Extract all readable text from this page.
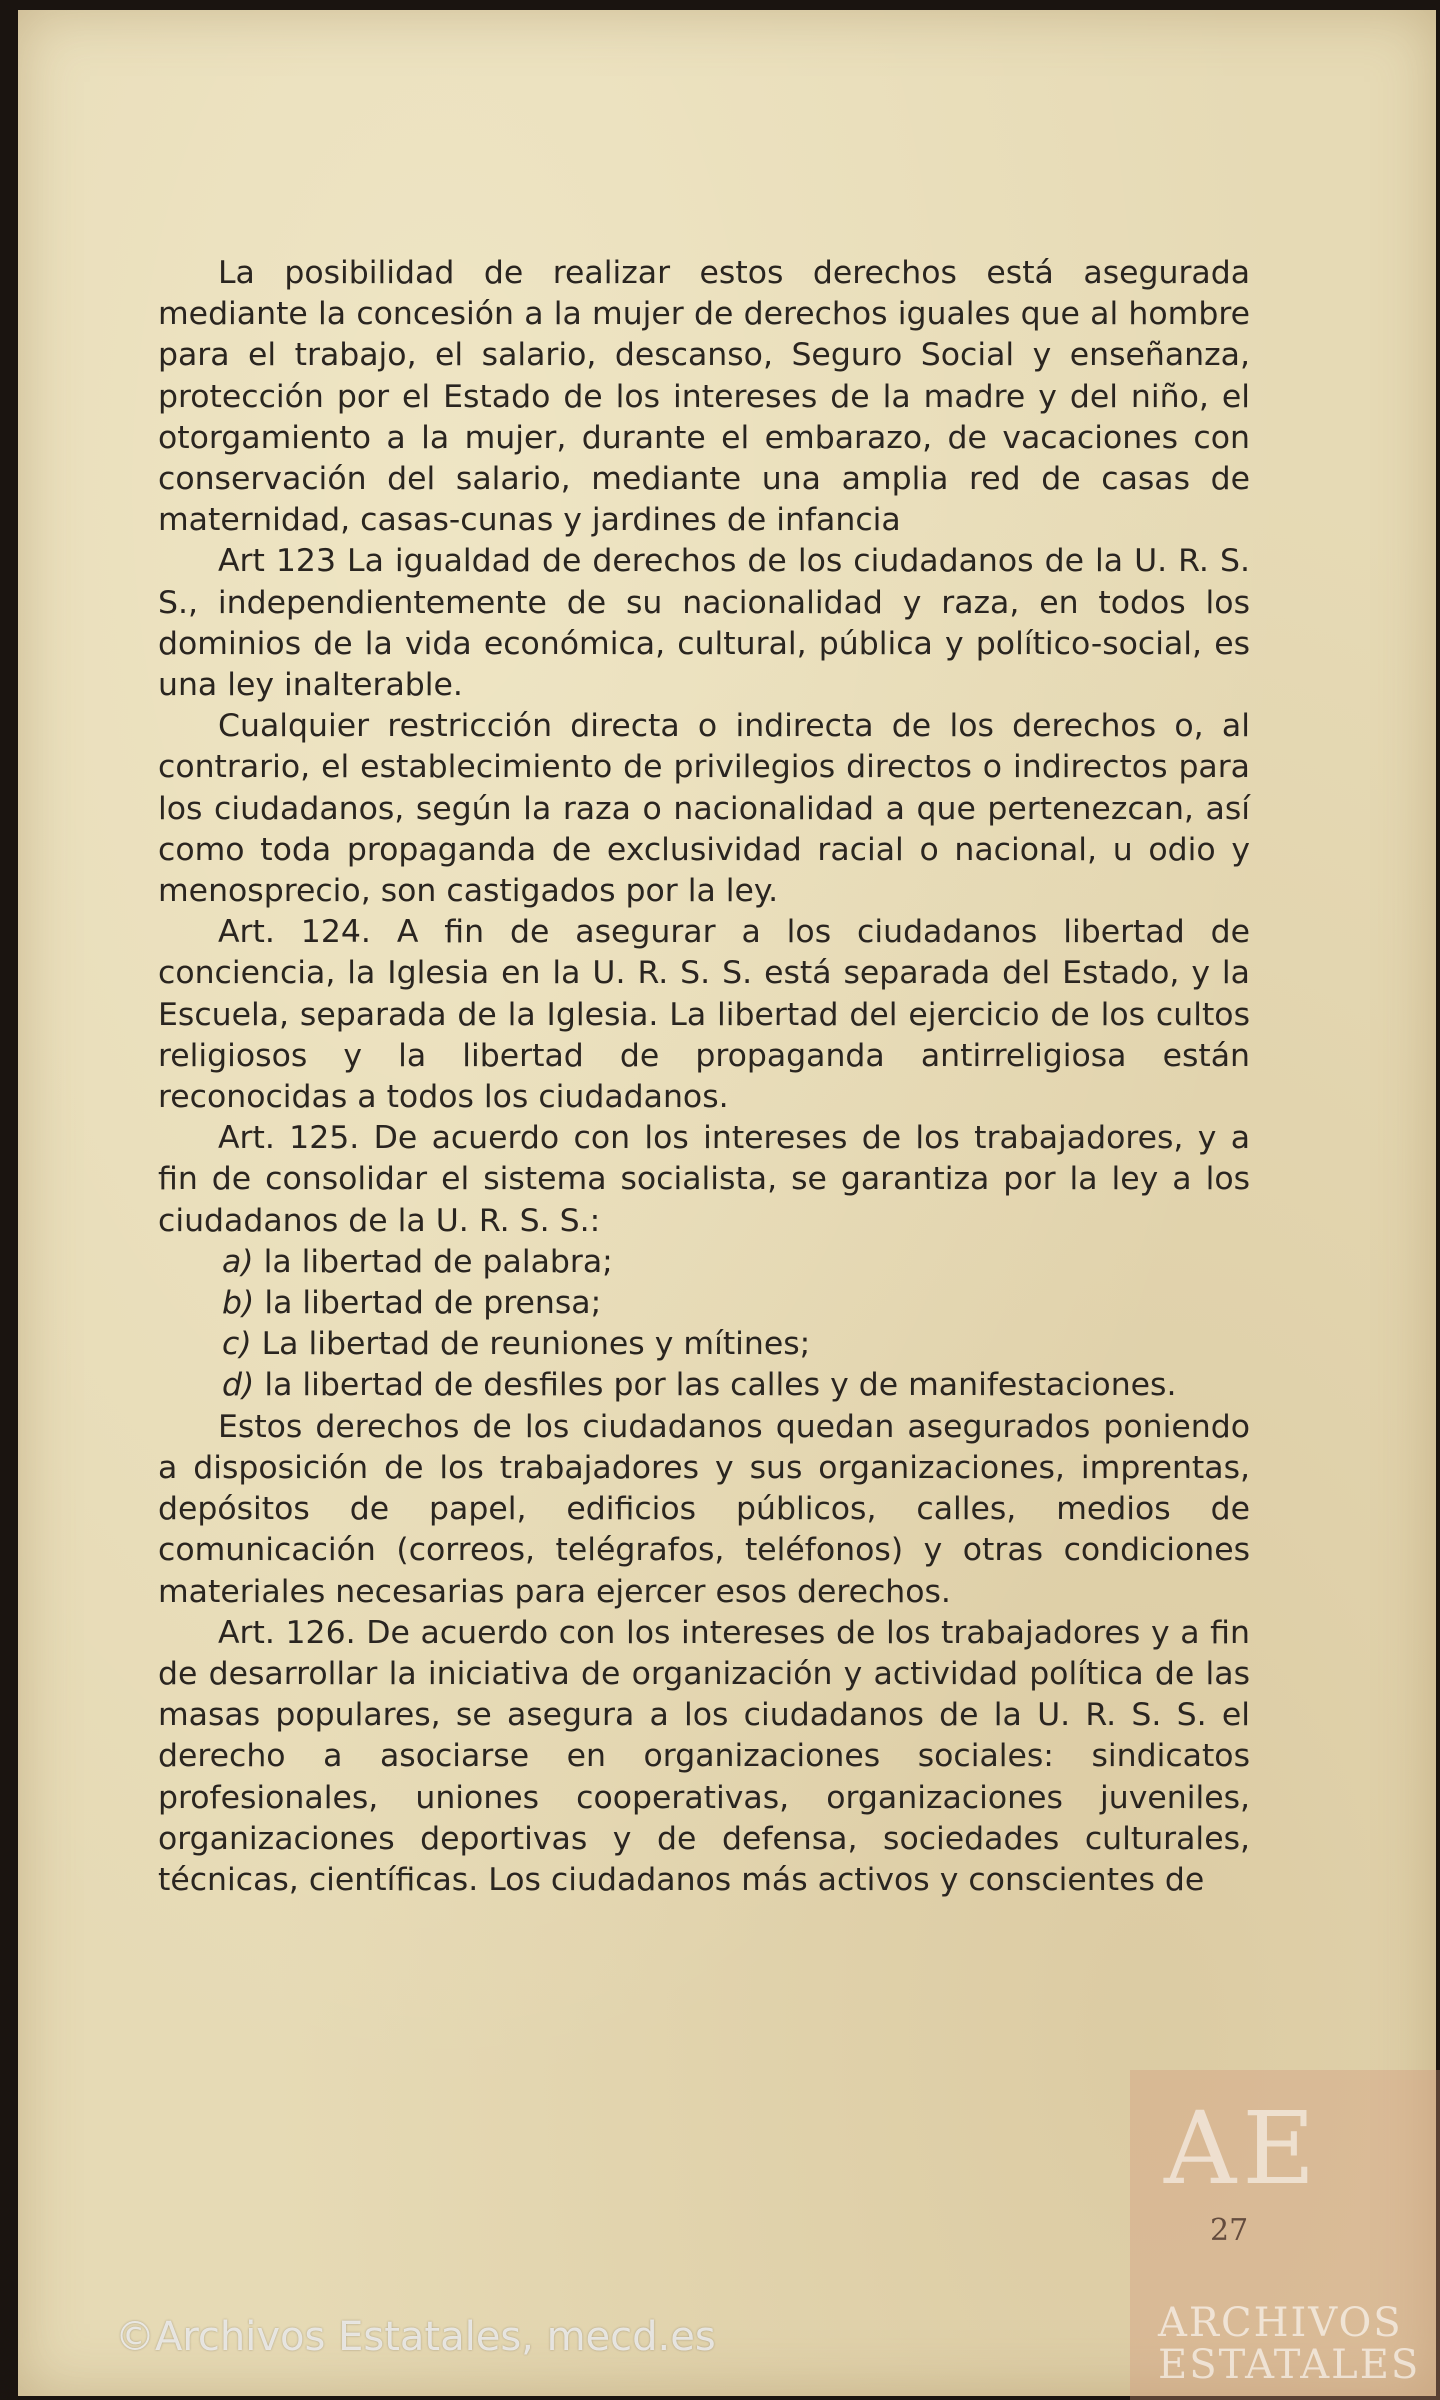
La posibilidad de realizar estos derechos está asegurada mediante la concesión a la mujer de derechos iguales que al hombre para el trabajo, el salario, descanso, Seguro Social y enseñanza, protección por el Estado de los intereses de la madre y del niño, el otorgamiento a la mujer, durante el embarazo, de vacaciones con conservación del salario, mediante una amplia red de casas de maternidad, casas-cunas y jardines de infancia

Art 123 La igualdad de derechos de los ciudadanos de la U. R. S. S., independientemente de su nacionalidad y raza, en todos los dominios de la vida económica, cultural, pública y político-social, es una ley inalterable.

Cualquier restricción directa o indirecta de los derechos o, al contrario, el establecimiento de privilegios directos o indirectos para los ciudadanos, según la raza o nacionalidad a que pertenezcan, así como toda propaganda de exclusividad racial o nacional, u odio y menosprecio, son castigados por la ley.

Art. 124. A fin de asegurar a los ciudadanos libertad de conciencia, la Iglesia en la U. R. S. S. está separada del Estado, y la Escuela, separada de la Iglesia. La libertad del ejercicio de los cultos religiosos y la libertad de propaganda antirreligiosa están reconocidas a todos los ciudadanos.

Art. 125. De acuerdo con los intereses de los trabajadores, y a fin de consolidar el sistema socialista, se garantiza por la ley a los ciudadanos de la U. R. S. S.:

a) la libertad de palabra;
b) la libertad de prensa;
c) La libertad de reuniones y mítines;
d) la libertad de desfiles por las calles y de manifestaciones.

Estos derechos de los ciudadanos quedan asegurados poniendo a disposición de los trabajadores y sus organizaciones, imprentas, depósitos de papel, edificios públicos, calles, medios de comunicación (correos, telégrafos, teléfonos) y otras condiciones materiales necesarias para ejercer esos derechos.

Art. 126. De acuerdo con los intereses de los trabajadores y a fin de desarrollar la iniciativa de organización y actividad política de las masas populares, se asegura a los ciudadanos de la U. R. S. S. el derecho a asociarse en organizaciones sociales: sindicatos profesionales, uniones cooperativas, organizaciones juveniles, organizaciones deportivas y de defensa, sociedades culturales, técnicas, científicas. Los ciudadanos más activos y conscientes de

27
AE
ARCHIVOS
ESTATALES
©Archivos Estatales, mecd.es
